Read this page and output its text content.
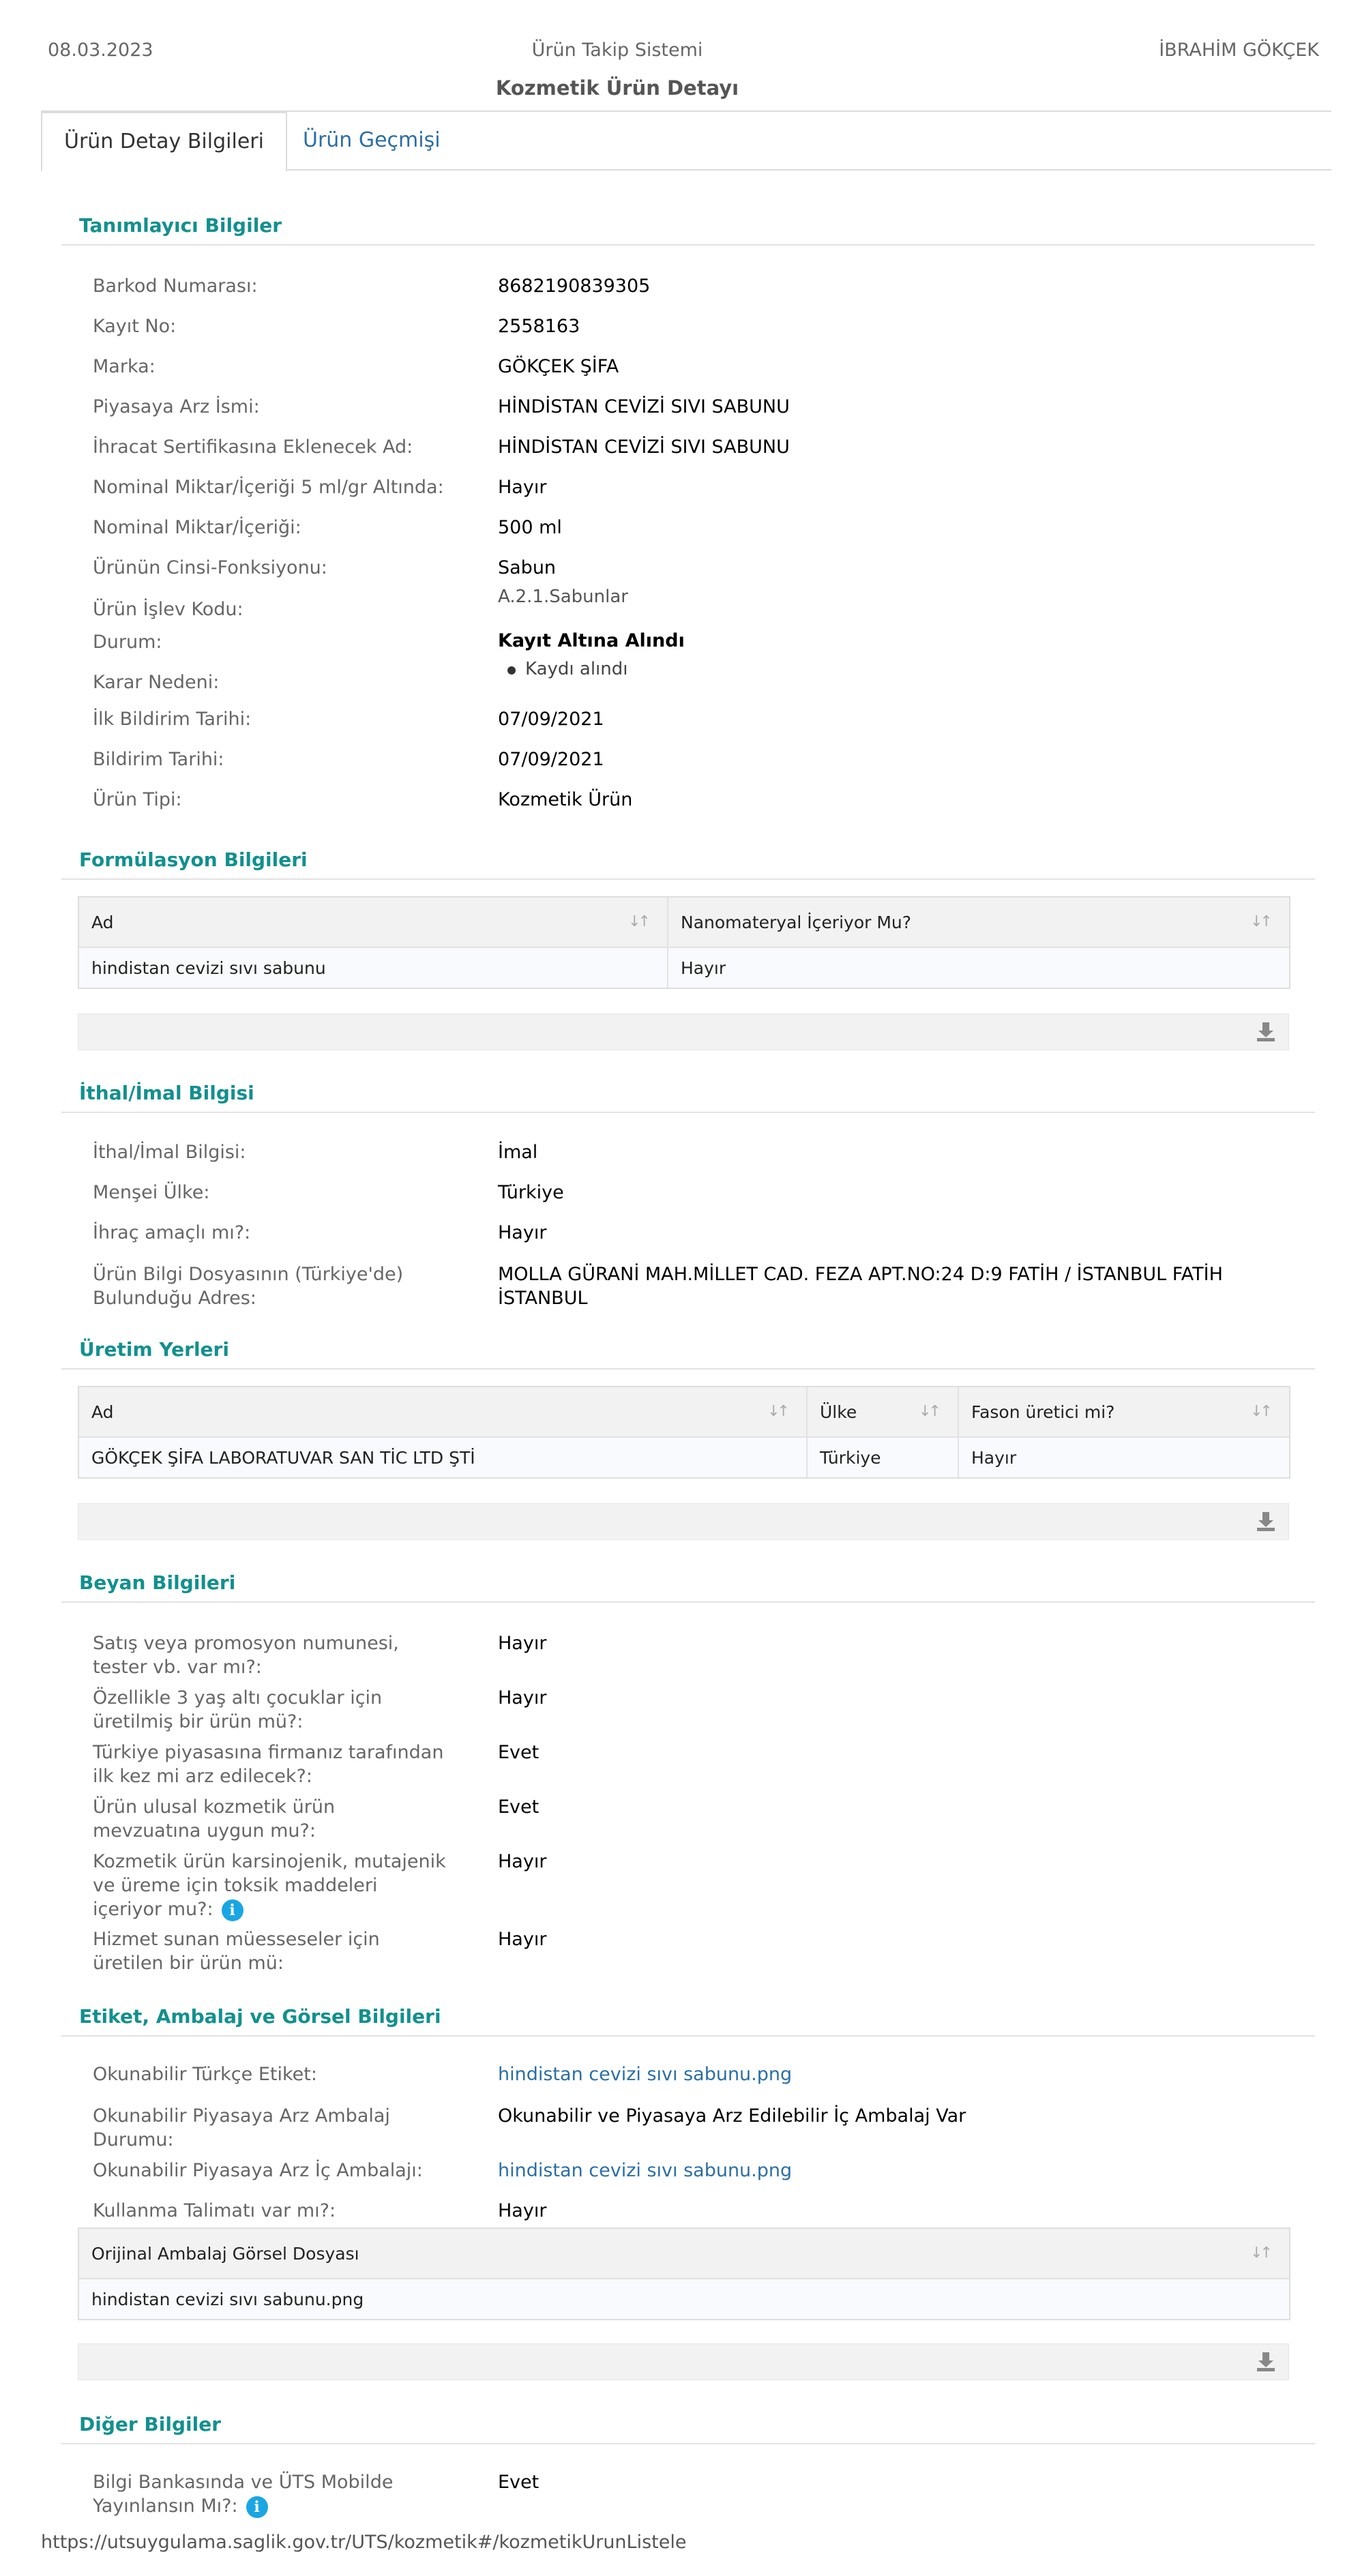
08.03.2023	Ürün Takip Sistemi	İBRAHİM GÖKÇEK
Kozmetik Ürün Detayı
Ürün Detay Bilgileri	Ürün Geçmişi
Tanımlayıcı Bilgiler
Barkod Numarası:	8682190839305
Kayıt No:	2558163
Marka:	GÖKÇEK ŞİFA
Piyasaya Arz İsmi:	HİNDİSTAN CEVİZİ SIVI SABUNU
İhracat Sertifikasına Eklenecek Ad:	HİNDİSTAN CEVİZİ SIVI SABUNU
Nominal Miktar/İçeriği 5 ml/gr Altında:	Hayır
Nominal Miktar/İçeriği:	500 ml
Ürünün Cinsi-Fonksiyonu:	Sabun
Ürün İşlev Kodu:
A.2.1.Sabunlar
Durum:	Kayıt Altına Alındı
Kaydı alındı
Karar Nedeni:
İlk Bildirim Tarihi:	07/09/2021
Bildirim Tarihi:	07/09/2021
Ürün Tipi:	Kozmetik Ürün
Formülasyon Bilgileri
Ad	↓↑ Nanomateryal İçeriyor Mu?	↓↑
hindistan cevizi sıvı sabunu	Hayır
İthal/İmal Bilgisi
İthal/İmal Bilgisi:	İmal
Menşei Ülke:	Türkiye
İhraç amaçlı mı?:	Hayır
Ürün Bilgi Dosyasının (Türkiye'de) Bulunduğu Adres:
MOLLA GÜRANİ MAH.MİLLET CAD. FEZA APT.NO:24 D:9 FATİH / İSTANBUL FATİH İSTANBUL
Üretim Yerleri
Ad	↓↑ Ülke	↓↑ Fason üretici mi?	↓↑
GÖKÇEK ŞİFA LABORATUVAR SAN TİC LTD ŞTİ	Türkiye	Hayır
Beyan Bilgileri
Satış veya promosyon numunesi, tester vb. var mı?:
Hayır
Özellikle 3 yaş altı çocuklar için üretilmiş bir ürün mü?:
Hayır
Türkiye piyasasına firmanız tarafından ilk kez mi arz edilecek?:
Evet
Ürün ulusal kozmetik ürün mevzuatına uygun mu?:
Evet
Kozmetik ürün karsinojenik, mutajenik ve üreme için toksik maddeleri içeriyor mu?: i
Hayır
Hizmet sunan müesseseler için üretilen bir ürün mü:
Hayır
Etiket, Ambalaj ve Görsel Bilgileri
Okunabilir Türkçe Etiket:	hindistan cevizi sıvı sabunu.png
Okunabilir Piyasaya Arz Ambalaj Durumu:
Okunabilir ve Piyasaya Arz Edilebilir İç Ambalaj Var
Okunabilir Piyasaya Arz İç Ambalajı:	hindistan cevizi sıvı sabunu.png
Kullanma Talimatı var mı?:	Hayır
Orijinal Ambalaj Görsel Dosyası	↓↑
hindistan cevizi sıvı sabunu.png
Diğer Bilgiler
Bilgi Bankasında ve ÜTS Mobilde Yayınlansın Mı?: i
Evet
https://utsuygulama.saglik.gov.tr/UTS/kozmetik#/kozmetikUrunListele
